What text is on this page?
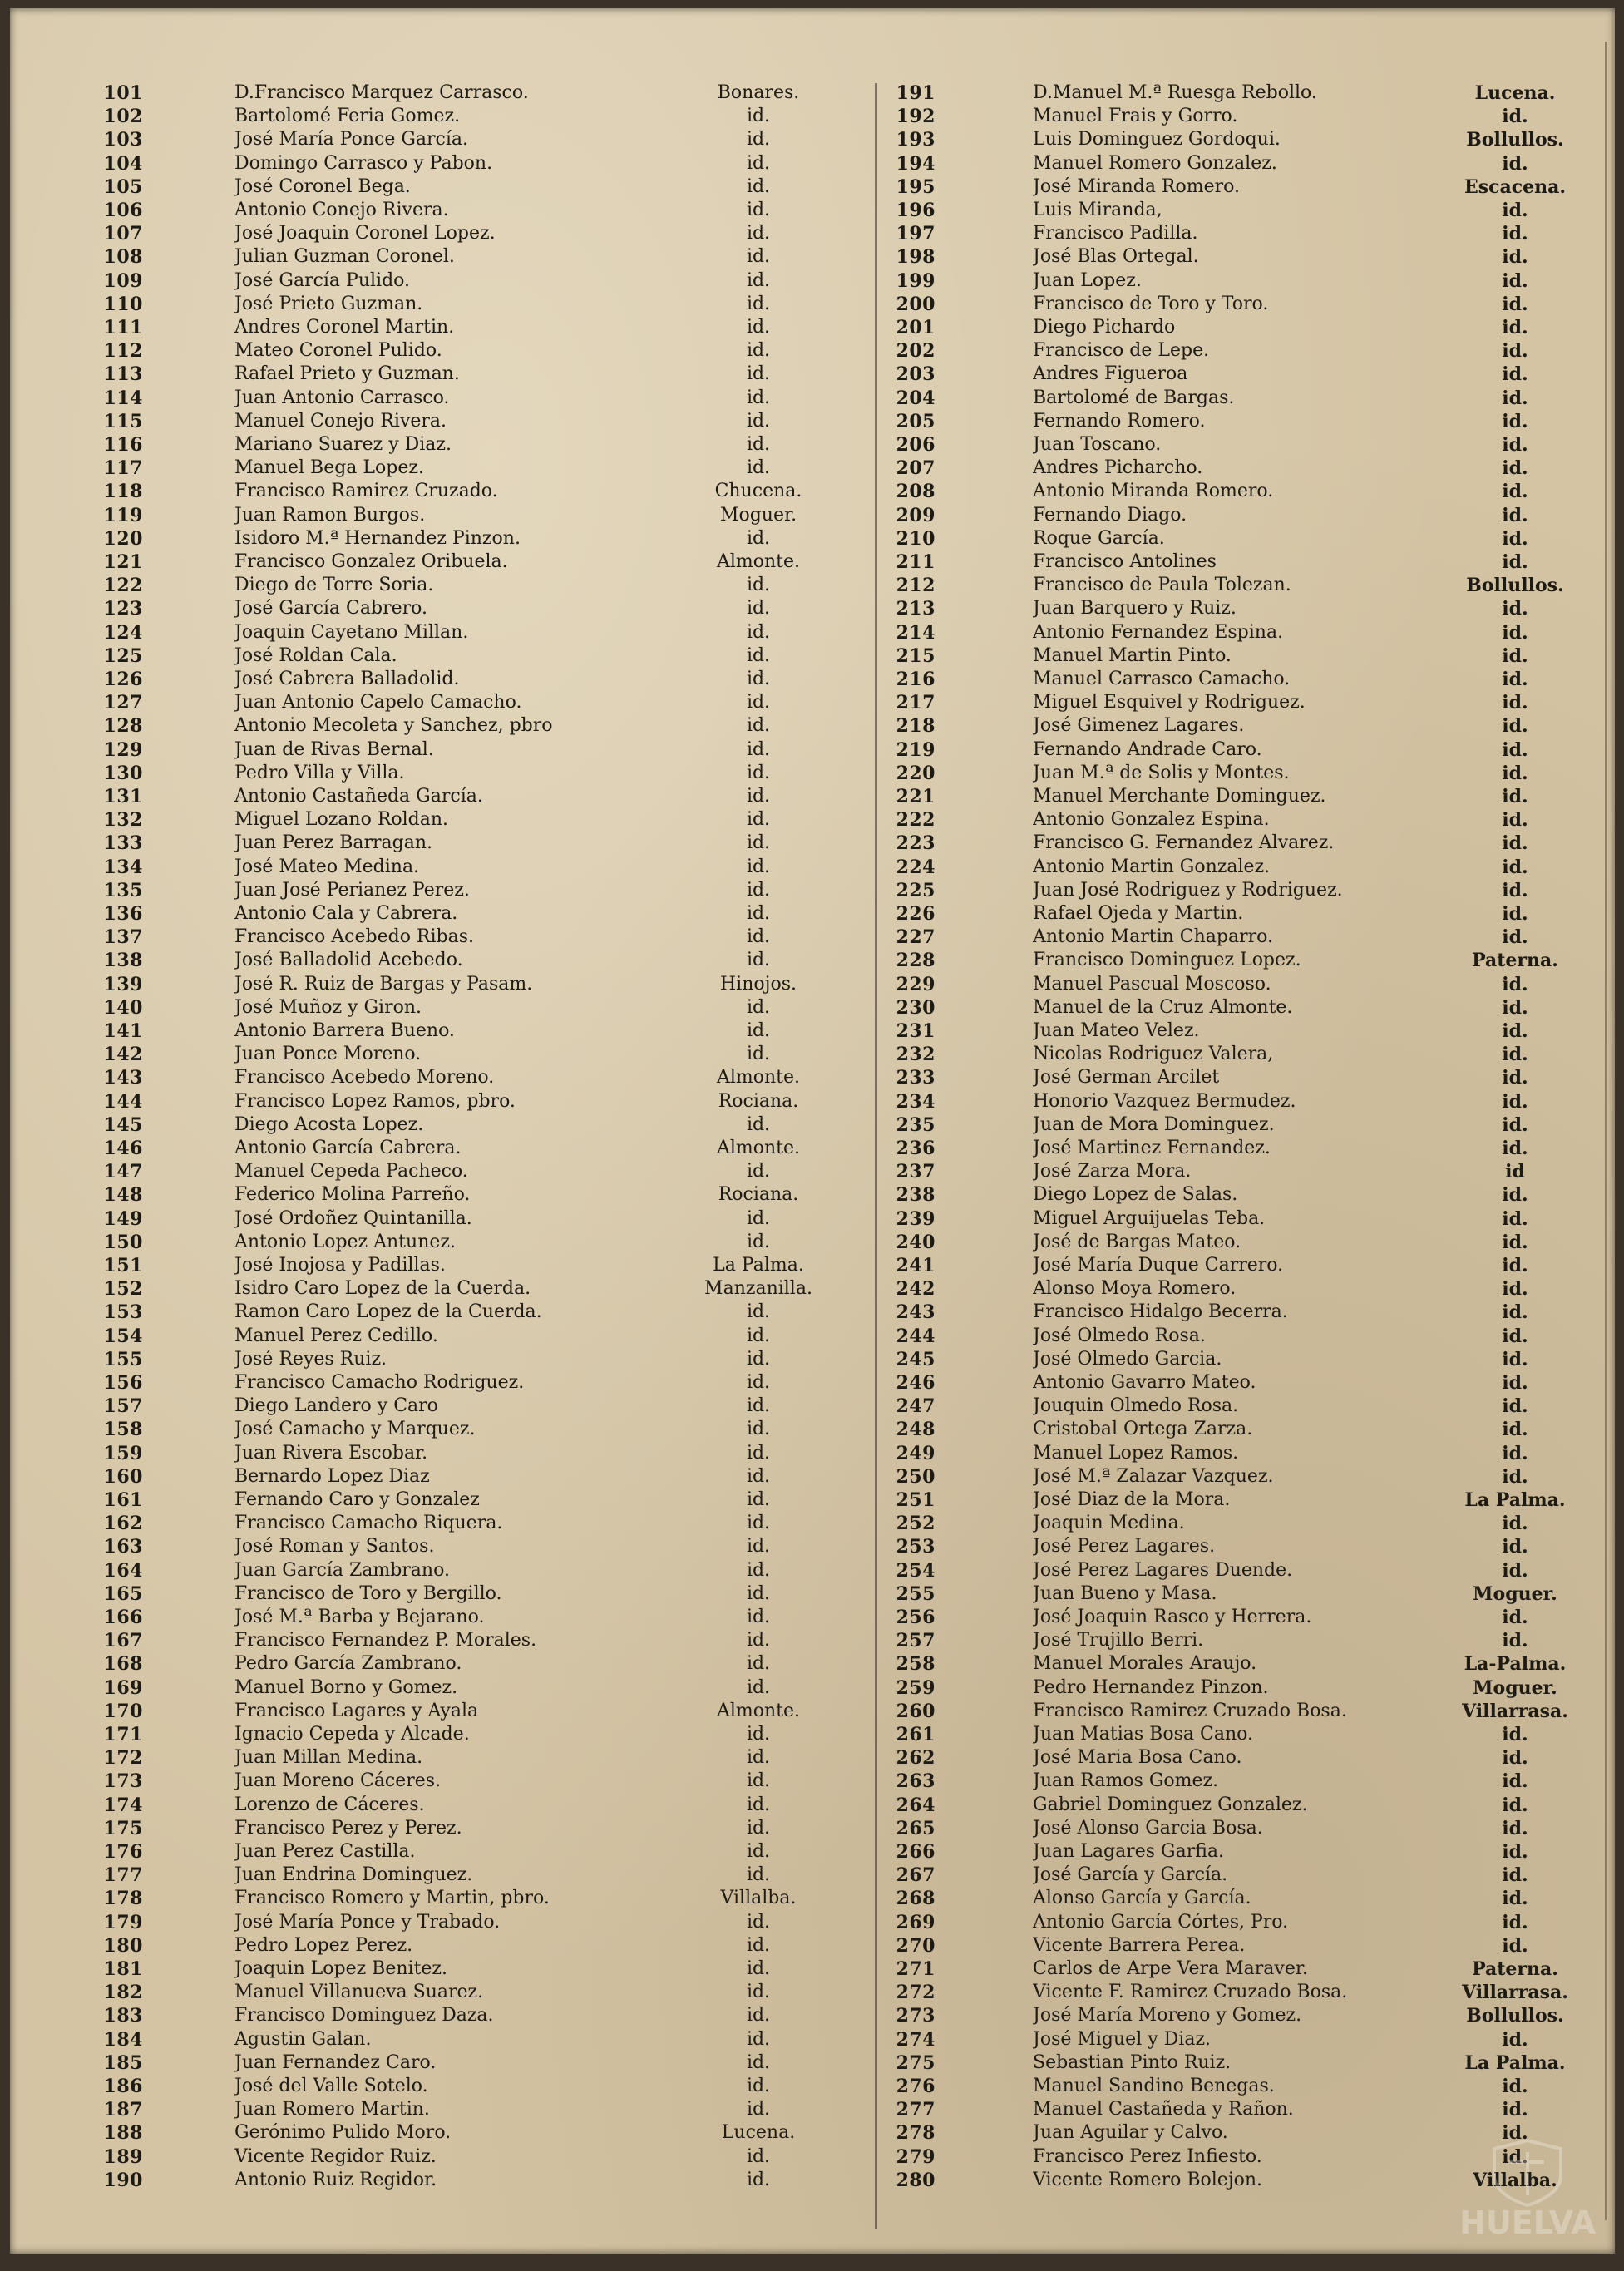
101	D.Francisco Marquez Carrasco.	Bonares.
102	Bartolomé Feria Gomez.	id.
103	José María Ponce García.	id.
104	Domingo Carrasco y Pabon.	id.
105	José Coronel Bega.	id.
106	Antonio Conejo Rivera.	id.
107	José Joaquin Coronel Lopez.	id.
108	Julian Guzman Coronel.	id.
109	José García Pulido.	id.
110	José Prieto Guzman.	id.
111	Andres Coronel Martin.	id.
112	Mateo Coronel Pulido.	id.
113	Rafael Prieto y Guzman.	id.
114	Juan Antonio Carrasco.	id.
115	Manuel Conejo Rivera.	id.
116	Mariano Suarez y Diaz.	id.
117	Manuel Bega Lopez.	id.
118	Francisco Ramirez Cruzado.	Chucena.
119	Juan Ramon Burgos.	Moguer.
120	Isidoro M.ª Hernandez Pinzon.	id.
121	Francisco Gonzalez Oribuela.	Almonte.
122	Diego de Torre Soria.	id.
123	José García Cabrero.	id.
124	Joaquin Cayetano Millan.	id.
125	José Roldan Cala.	id.
126	José Cabrera Balladolid.	id.
127	Juan Antonio Capelo Camacho.	id.
128	Antonio Mecoleta y Sanchez, pbro	id.
129	Juan de Rivas Bernal.	id.
130	Pedro Villa y Villa.	id.
131	Antonio Castañeda García.	id.
132	Miguel Lozano Roldan.	id.
133	Juan Perez Barragan.	id.
134	José Mateo Medina.	id.
135	Juan José Perianez Perez.	id.
136	Antonio Cala y Cabrera.	id.
137	Francisco Acebedo Ribas.	id.
138	José Balladolid Acebedo.	id.
139	José R. Ruiz de Bargas y Pasam.	Hinojos.
140	José Muñoz y Giron.	id.
141	Antonio Barrera Bueno.	id.
142	Juan Ponce Moreno.	id.
143	Francisco Acebedo Moreno.	Almonte.
144	Francisco Lopez Ramos, pbro.	Rociana.
145	Diego Acosta Lopez.	id.
146	Antonio García Cabrera.	Almonte.
147	Manuel Cepeda Pacheco.	id.
148	Federico Molina Parreño.	Rociana.
149	José Ordoñez Quintanilla.	id.
150	Antonio Lopez Antunez.	id.
151	José Inojosa y Padillas.	La Palma.
152	Isidro Caro Lopez de la Cuerda.	Manzanilla.
153	Ramon Caro Lopez de la Cuerda.	id.
154	Manuel Perez Cedillo.	id.
155	José Reyes Ruiz.	id.
156	Francisco Camacho Rodriguez.	id.
157	Diego Landero y Caro	id.
158	José Camacho y Marquez.	id.
159	Juan Rivera Escobar.	id.
160	Bernardo Lopez Diaz	id.
161	Fernando Caro y Gonzalez	id.
162	Francisco Camacho Riquera.	id.
163	José Roman y Santos.	id.
164	Juan García Zambrano.	id.
165	Francisco de Toro y Bergillo.	id.
166	José M.ª Barba y Bejarano.	id.
167	Francisco Fernandez P. Morales.	id.
168	Pedro García Zambrano.	id.
169	Manuel Borno y Gomez.	id.
170	Francisco Lagares y Ayala	Almonte.
171	Ignacio Cepeda y Alcade.	id.
172	Juan Millan Medina.	id.
173	Juan Moreno Cáceres.	id.
174	Lorenzo de Cáceres.	id.
175	Francisco Perez y Perez.	id.
176	Juan Perez Castilla.	id.
177	Juan Endrina Dominguez.	id.
178	Francisco Romero y Martin, pbro.	Villalba.
179	José María Ponce y Trabado.	id.
180	Pedro Lopez Perez.	id.
181	Joaquin Lopez Benitez.	id.
182	Manuel Villanueva Suarez.	id.
183	Francisco Dominguez Daza.	id.
184	Agustin Galan.	id.
185	Juan Fernandez Caro.	id.
186	José del Valle Sotelo.	id.
187	Juan Romero Martin.	id.
188	Gerónimo Pulido Moro.	Lucena.
189	Vicente Regidor Ruiz.	id.
190	Antonio Ruiz Regidor.	id.
191	D.Manuel M.ª Ruesga Rebollo.	Lucena.
192	Manuel Frais y Gorro.	id.
193	Luis Dominguez Gordoqui.	Bollullos.
194	Manuel Romero Gonzalez.	id.
195	José Miranda Romero.	Escacena.
196	Luis Miranda,	id.
197	Francisco Padilla.	id.
198	José Blas Ortegal.	id.
199	Juan Lopez.	id.
200	Francisco de Toro y Toro.	id.
201	Diego Pichardo	id.
202	Francisco de Lepe.	id.
203	Andres Figueroa	id.
204	Bartolomé de Bargas.	id.
205	Fernando Romero.	id.
206	Juan Toscano.	id.
207	Andres Picharcho.	id.
208	Antonio Miranda Romero.	id.
209	Fernando Diago.	id.
210	Roque García.	id.
211	Francisco Antolines	id.
212	Francisco de Paula Tolezan.	Bollullos.
213	Juan Barquero y Ruiz.	id.
214	Antonio Fernandez Espina.	id.
215	Manuel Martin Pinto.	id.
216	Manuel Carrasco Camacho.	id.
217	Miguel Esquivel y Rodriguez.	id.
218	José Gimenez Lagares.	id.
219	Fernando Andrade Caro.	id.
220	Juan M.ª de Solis y Montes.	id.
221	Manuel Merchante Dominguez.	id.
222	Antonio Gonzalez Espina.	id.
223	Francisco G. Fernandez Alvarez.	id.
224	Antonio Martin Gonzalez.	id.
225	Juan José Rodriguez y Rodriguez.	id.
226	Rafael Ojeda y Martin.	id.
227	Antonio Martin Chaparro.	id.
228	Francisco Dominguez Lopez.	Paterna.
229	Manuel Pascual Moscoso.	id.
230	Manuel de la Cruz Almonte.	id.
231	Juan Mateo Velez.	id.
232	Nicolas Rodriguez Valera,	id.
233	José German Arcilet	id.
234	Honorio Vazquez Bermudez.	id.
235	Juan de Mora Dominguez.	id.
236	José Martinez Fernandez.	id.
237	José Zarza Mora.	id
238	Diego Lopez de Salas.	id.
239	Miguel Arguijuelas Teba.	id.
240	José de Bargas Mateo.	id.
241	José María Duque Carrero.	id.
242	Alonso Moya Romero.	id.
243	Francisco Hidalgo Becerra.	id.
244	José Olmedo Rosa.	id.
245	José Olmedo Garcia.	id.
246	Antonio Gavarro Mateo.	id.
247	Jouquin Olmedo Rosa.	id.
248	Cristobal Ortega Zarza.	id.
249	Manuel Lopez Ramos.	id.
250	José M.ª Zalazar Vazquez.	id.
251	José Diaz de la Mora.	La Palma.
252	Joaquin Medina.	id.
253	José Perez Lagares.	id.
254	José Perez Lagares Duende.	id.
255	Juan Bueno y Masa.	Moguer.
256	José Joaquin Rasco y Herrera.	id.
257	José Trujillo Berri.	id.
258	Manuel Morales Araujo.	La-Palma.
259	Pedro Hernandez Pinzon.	Moguer.
260	Francisco Ramirez Cruzado Bosa.	Villarrasa.
261	Juan Matias Bosa Cano.	id.
262	José Maria Bosa Cano.	id.
263	Juan Ramos Gomez.	id.
264	Gabriel Dominguez Gonzalez.	id.
265	José Alonso Garcia Bosa.	id.
266	Juan Lagares Garfia.	id.
267	José García y García.	id.
268	Alonso García y García.	id.
269	Antonio García Córtes, Pro.	id.
270	Vicente Barrera Perea.	id.
271	Carlos de Arpe Vera Maraver.	Paterna.
272	Vicente F. Ramirez Cruzado Bosa.	Villarrasa.
273	José María Moreno y Gomez.	Bollullos.
274	José Miguel y Diaz.	id.
275	Sebastian Pinto Ruiz.	La Palma.
276	Manuel Sandino Benegas.	id.
277	Manuel Castañeda y Rañon.	id.
278	Juan Aguilar y Calvo.	id.
279	Francisco Perez Infiesto.	id.
280	Vicente Romero Bolejon.	Villalba.
HUELVA
